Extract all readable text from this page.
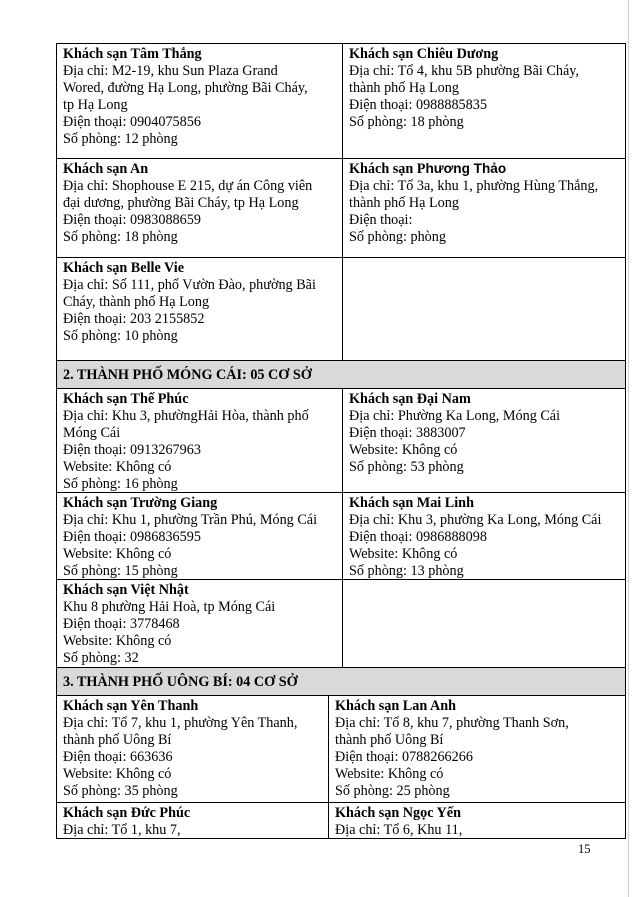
Khách sạn Tâm Thắng
Địa chỉ: M2-19, khu Sun Plaza Grand
Wored, đường Hạ Long, phường Bãi Cháy,
tp Hạ Long
Điện thoại: 0904075856
Số phòng: 12 phòng
Khách sạn Chiêu Dương
Địa chỉ: Tổ 4, khu 5B phường Bãi Cháy,
thành phố Hạ Long
Điện thoại: 0988885835
Số phòng: 18 phòng
Khách sạn An
Địa chỉ: Shophouse E 215, dự án Công viên
đại dương, phường Bãi Cháy, tp Hạ Long
Điện thoại: 0983088659
Số phòng: 18 phòng
Khách sạn Phương Thảo
Địa chỉ: Tổ 3a, khu 1, phường Hùng Thắng,
thành phố Hạ Long
Điện thoại:
Số phòng: phòng
Khách sạn Belle Vie
Địa chỉ: Số 111, phố Vườn Đào, phường Bãi
Cháy, thành phố Hạ Long
Điện thoại: 203 2155852
Số phòng: 10 phòng
2. THÀNH PHỐ MÓNG CÁI: 05 CƠ SỞ
Khách sạn Thế Phúc
Địa chỉ: Khu 3, phườngHải Hòa, thành phố
Móng Cái
Điện thoại: 0913267963
Website: Không có
Số phòng: 16 phòng
Khách sạn Đại Nam
Địa chỉ: Phường Ka Long, Móng Cái
Điện thoại: 3883007
Website: Không có
Số phòng: 53 phòng
Khách sạn Trường Giang
Địa chỉ: Khu 1, phường Trần Phú, Móng Cái
Điện thoại: 0986836595
Website: Không có
Số phòng: 15 phòng
Khách sạn Mai Linh
Địa chỉ: Khu 3, phường Ka Long, Móng Cái
Điện thoại: 0986888098
Website: Không có
Số phòng: 13 phòng
Khách sạn Việt Nhật
Khu 8 phường Hải Hoà, tp Móng Cái
Điện thoại: 3778468
Website: Không có
Số phòng: 32
3. THÀNH PHỐ UÔNG BÍ: 04 CƠ SỞ
Khách sạn Yên Thanh
Địa chỉ: Tổ 7, khu 1, phường Yên Thanh,
thành phố Uông Bí
Điện thoại: 663636
Website: Không có
Số phòng: 35 phòng
Khách sạn Lan Anh
Địa chỉ: Tổ 8, khu 7, phường Thanh Sơn,
thành phố Uông Bí
Điện thoại: 0788266266
Website: Không có
Số phòng: 25 phòng
Khách sạn Đức Phúc
Địa chỉ: Tổ 1, khu 7,
Khách sạn Ngọc Yến
Địa chỉ: Tổ 6, Khu 11,
15
